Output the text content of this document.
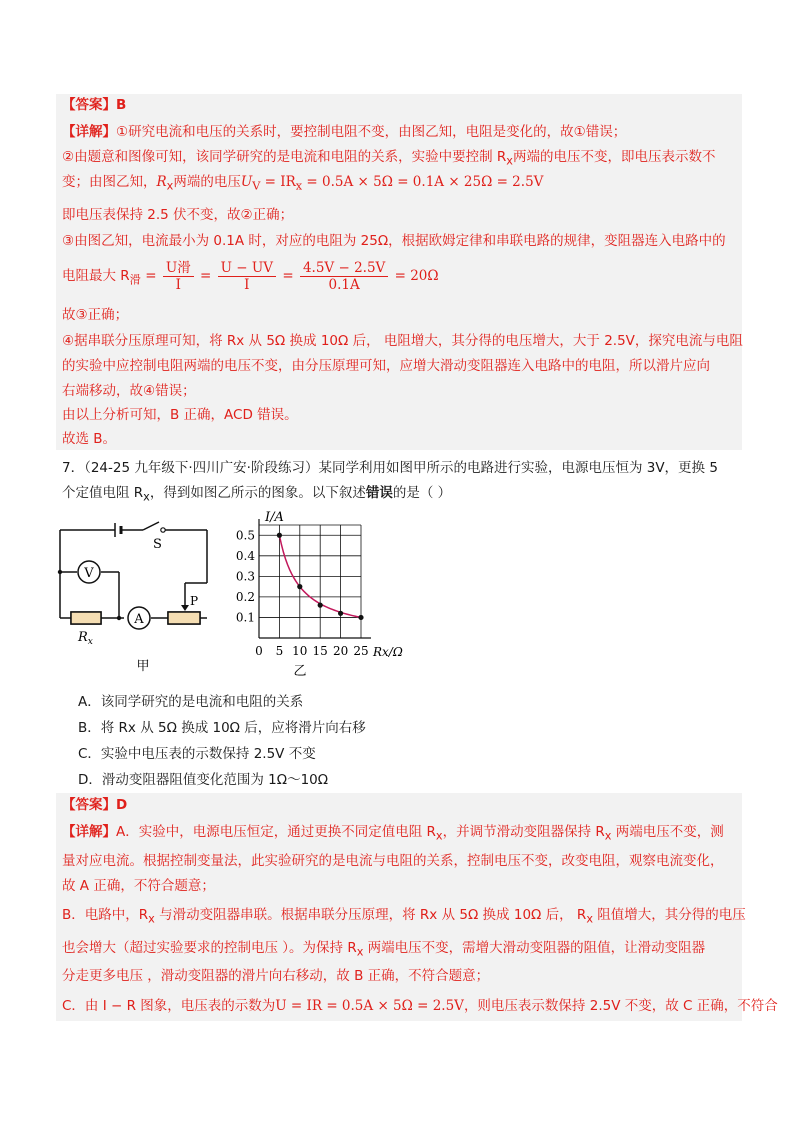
【答案】B
【详解】①研究电流和电压的关系时，要控制电阻不变，由图乙知，电阻是变化的，故①错误；
②由题意和图像可知，该同学研究的是电流和电阻的关系，实验中要控制 $R_x$两端的电压不变，即电压表示数不
变；由图乙知，$R_x$两端的电压$U_V = IR_x = 0.5A \times 5\Omega = 0.1A \times 25\Omega = 2.5V$
即电压表保持 2.5 伏不变，故②正确；
③由图乙知，电流最小为 0.1A 时，对应的电阻为 25Ω，根据欧姆定律和串联电路的规律，变阻器连入电路中的
电阻最大 $R_滑 = \frac{\text{U滑}}{I} = \frac{U - UV}{I} = \frac{4.5V - 2.5V}{0.1A} = 20\Omega$
故③正确；
④据串联分压原理可知，将 Rx 从 5Ω 换成 10Ω 后， 电阻增大，其分得的电压增大，大于 2.5V，探究电流与电阻
的实验中应控制电阻两端的电压不变，由分压原理可知，应增大滑动变阻器连入电路中的电阻，所以滑片应向
右端移动，故④错误；
由以上分析可知，B 正确，ACD 错误。
故选 B。
7．（24-25 九年级下·四川广安·阶段练习）某同学利用如图甲所示的电路进行实验，电源电压恒为 3V，更换 5
个定值电阻 $R_x$，得到如图乙所示的图象。以下叙述错误的是（ ）
V
A
S
P
$R_x$
甲
0 5 10 15 20 25
0.1
0.2
0.3
0.4
0.5
I/A
Rx/Ω
乙
A．该同学研究的是电流和电阻的关系
B．将 Rx 从 5Ω 换成 10Ω 后，应将滑片向右移
C．实验中电压表的示数保持 2.5V 不变
D．滑动变阻器阻值变化范围为 1Ω～10Ω
【答案】D
【详解】A．实验中，电源电压恒定，通过更换不同定值电阻 $R_x$，并调节滑动变阻器保持 $R_x$ 两端电压不变，测
量对应电流。根据控制变量法，此实验研究的是电流与电阻的关系，控制电压不变，改变电阻，观察电流变化，
故 A 正确，不符合题意；
B．电路中，$R_x$ 与滑动变阻器串联。根据串联分压原理，将 Rx 从 5Ω 换成 10Ω 后， $R_x$ 阻值增大，其分得的电压
也会增大（超过实验要求的控制电压 ）。为保持 $R_x$ 两端电压不变，需增大滑动变阻器的阻值，让滑动变阻器
分走更多电压 ，滑动变阻器的滑片向右移动，故 B 正确，不符合题意；
C．由 I − R 图象，电压表的示数为U = IR = 0.5A × 5Ω = 2.5V，则电压表示数保持 2.5V 不变，故 C 正确，不符合
